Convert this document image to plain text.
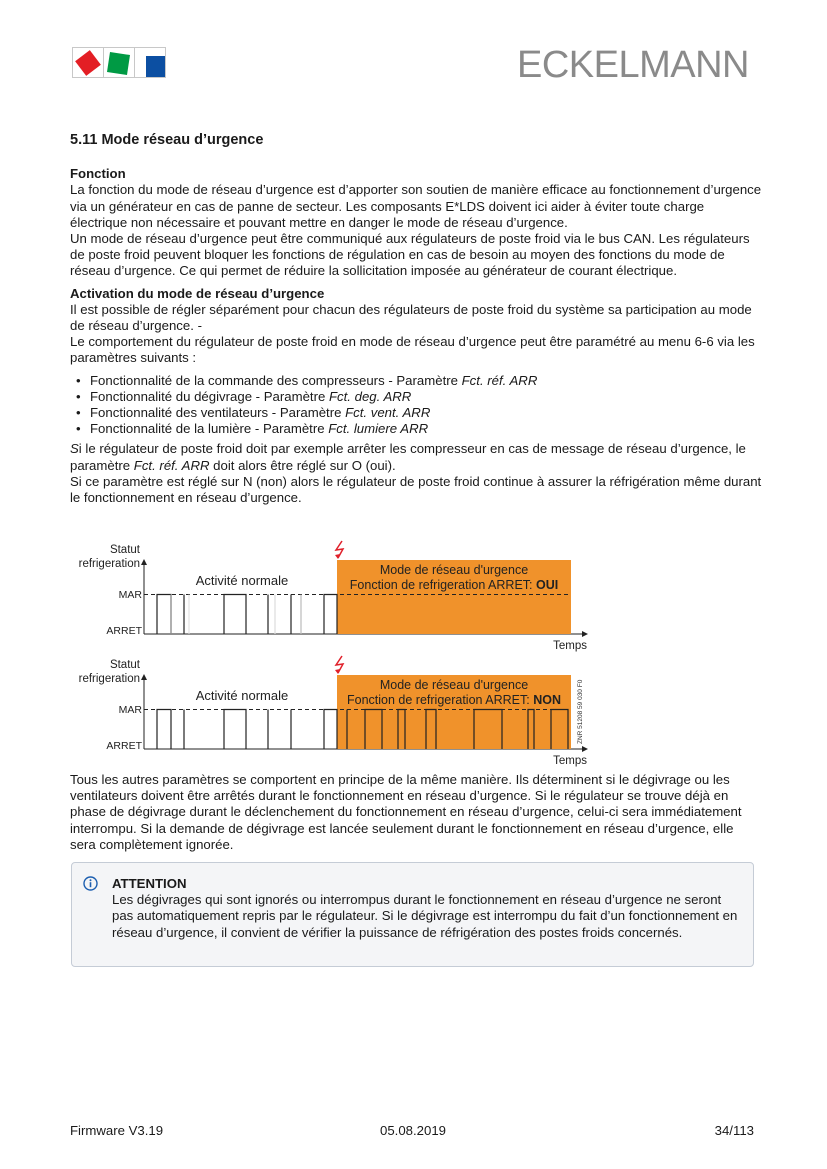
ECKELMANN
5.11 Mode réseau d’urgence
Fonction

La fonction du mode de réseau d’urgence est d’apporter son soutien de manière efficace au fonctionnement d’urgence via un générateur en cas de panne de secteur. Les composants E*LDS doivent ici aider à éviter toute charge électrique non nécessaire et pouvant mettre en danger le mode de réseau d’urgence.

Un mode de réseau d’urgence peut être communiqué aux régulateurs de poste froid via le bus CAN. Les régulateurs de poste froid peuvent bloquer les fonctions de régulation en cas de besoin au moyen des fonctions du mode de réseau d’urgence. Ce qui permet de réduire la sollicitation imposée au générateur de courant électrique.

Activation du mode de réseau d’urgence

Il est possible de régler séparément pour chacun des régulateurs de poste froid du système sa participation au mode de réseau d’urgence. -

Le comportement du régulateur de poste froid en mode de réseau d’urgence peut être paramétré au menu 6-6 via les paramètres suivants :

• Fonctionnalité de la commande des compresseurs - Paramètre Fct. réf. ARR
• Fonctionnalité du dégivrage - Paramètre Fct. deg. ARR
• Fonctionnalité des ventilateurs - Paramètre Fct. vent. ARR
• Fonctionnalité de la lumière - Paramètre Fct. lumiere ARR

Si le régulateur de poste froid doit par exemple arrêter les compresseur en cas de message de réseau d’urgence, le paramètre Fct. réf. ARR doit alors être réglé sur O (oui).

Si ce paramètre est réglé sur N (non) alors le régulateur de poste froid continue à assurer la réfrigération même durant le fonctionnement en réseau d’urgence.

Statut
refrigeration
Temps
MAR
ARRET
Activité normale
Mode de réseau d'urgence
Fonction de refrigeration ARRET: OUI
Statut
refrigeration
Temps
MAR
ARRET
Activité normale
Mode de réseau d'urgence
Fonction de refrigeration ARRET: NON ZNR 51208 59 030 F0

Tous les autres paramètres se comportent en principe de la même manière. Ils déterminent si le dégivrage ou les ventilateurs doivent être arrêtés durant le fonctionnement en réseau d’urgence. Si le régulateur se trouve déjà en phase de dégivrage durant le déclenchement du fonctionnement en réseau d’urgence, celui-ci sera immédiatement interrompu. Si la demande de dégivrage est lancée seulement durant le fonctionnement en réseau d’urgence, elle sera complètement ignorée.

ATTENTION
Les dégivrages qui sont ignorés ou interrompus durant le fonctionnement en réseau d’urgence ne seront pas automatiquement repris par le régulateur. Si le dégivrage est interrompu du fait d’un fonctionnement en réseau d’urgence, il convient de vérifier la puissance de réfrigération des postes froids concernés.
Firmware V3.19	05.08.2019	34/113
